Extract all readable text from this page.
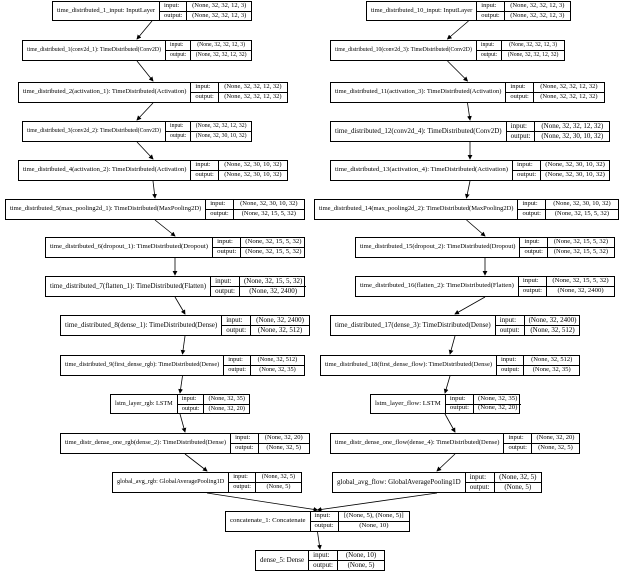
time_distributed_1_input: InputLayer
input:
output:
(None, 32, 32, 12, 3)
(None, 32, 32, 12, 3)
time_distributed_1(conv2d_1): TimeDistributed(Conv2D)
input:
output:
(None, 32, 32, 12, 3)
(None, 32, 32, 12, 32)
time_distributed_2(activation_1): TimeDistributed(Activation)
input:
output:
(None, 32, 32, 12, 32)
(None, 32, 32, 12, 32)
time_distributed_3(conv2d_2): TimeDistributed(Conv2D)
input:
output:
(None, 32, 32, 12, 32)
(None, 32, 30, 10, 32)
time_distributed_4(activation_2): TimeDistributed(Activation)
input:
output:
(None, 32, 30, 10, 32)
(None, 32, 30, 10, 32)
time_distributed_5(max_pooling2d_1): TimeDistributed(MaxPooling2D)
input:
output:
(None, 32, 30, 10, 32)
(None, 32, 15, 5, 32)
time_distributed_6(dropout_1): TimeDistributed(Dropout)
input:
output:
(None, 32, 15, 5, 32)
(None, 32, 15, 5, 32)
time_distributed_7(flatten_1): TimeDistributed(Flatten)
input:
output:
(None, 32, 15, 5, 32)
(None, 32, 2400)
time_distributed_8(dense_1): TimeDistributed(Dense)
input:
output:
(None, 32, 2400)
(None, 32, 512)
time_distributed_9(first_dense_rgb): TimeDistributed(Dense)
input:
output:
(None, 32, 512)
(None, 32, 35)
lstm_layer_rgb: LSTM
input:
output:
(None, 32, 35)
(None, 32, 20)
time_distr_dense_one_rgb(dense_2): TimeDistributed(Dense)
input:
output:
(None, 32, 20)
(None, 32, 5)
global_avg_rgb: GlobalAveragePooling1D
input:
output:
(None, 32, 5)
(None, 5)
time_distributed_10_input: InputLayer
input:
output:
(None, 32, 32, 12, 3)
(None, 32, 32, 12, 3)
time_distributed_10(conv2d_3): TimeDistributed(Conv2D)
input:
output:
(None, 32, 32, 12, 3)
(None, 32, 32, 12, 32)
time_distributed_11(activation_3): TimeDistributed(Activation)
input:
output:
(None, 32, 32, 12, 32)
(None, 32, 32, 12, 32)
time_distributed_12(conv2d_4): TimeDistributed(Conv2D)
input:
output:
(None, 32, 32, 12, 32)
(None, 32, 30, 10, 32)
time_distributed_13(activation_4): TimeDistributed(Activation)
input:
output:
(None, 32, 30, 10, 32)
(None, 32, 30, 10, 32)
time_distributed_14(max_pooling2d_2): TimeDistributed(MaxPooling2D)
input:
output:
(None, 32, 30, 10, 32)
(None, 32, 15, 5, 32)
time_distributed_15(dropout_2): TimeDistributed(Dropout)
input:
output:
(None, 32, 15, 5, 32)
(None, 32, 15, 5, 32)
time_distributed_16(flatten_2): TimeDistributed(Flatten)
input:
output:
(None, 32, 15, 5, 32)
(None, 32, 2400)
time_distributed_17(dense_3): TimeDistributed(Dense)
input:
output:
(None, 32, 2400)
(None, 32, 512)
time_distributed_18(first_dense_flow): TimeDistributed(Dense)
input:
output:
(None, 32, 512)
(None, 32, 35)
lstm_layer_flow: LSTM
input:
output:
(None, 32, 35)
(None, 32, 20)
time_distr_dense_one_flow(dense_4): TimeDistributed(Dense)
input:
output:
(None, 32, 20)
(None, 32, 5)
global_avg_flow: GlobalAveragePooling1D
input:
output:
(None, 32, 5)
(None, 5)
concatenate_1: Concatenate
input:
output:
[(None, 5), (None, 5)]
(None, 10)
dense_5: Dense
input:
output:
(None, 10)
(None, 5)
